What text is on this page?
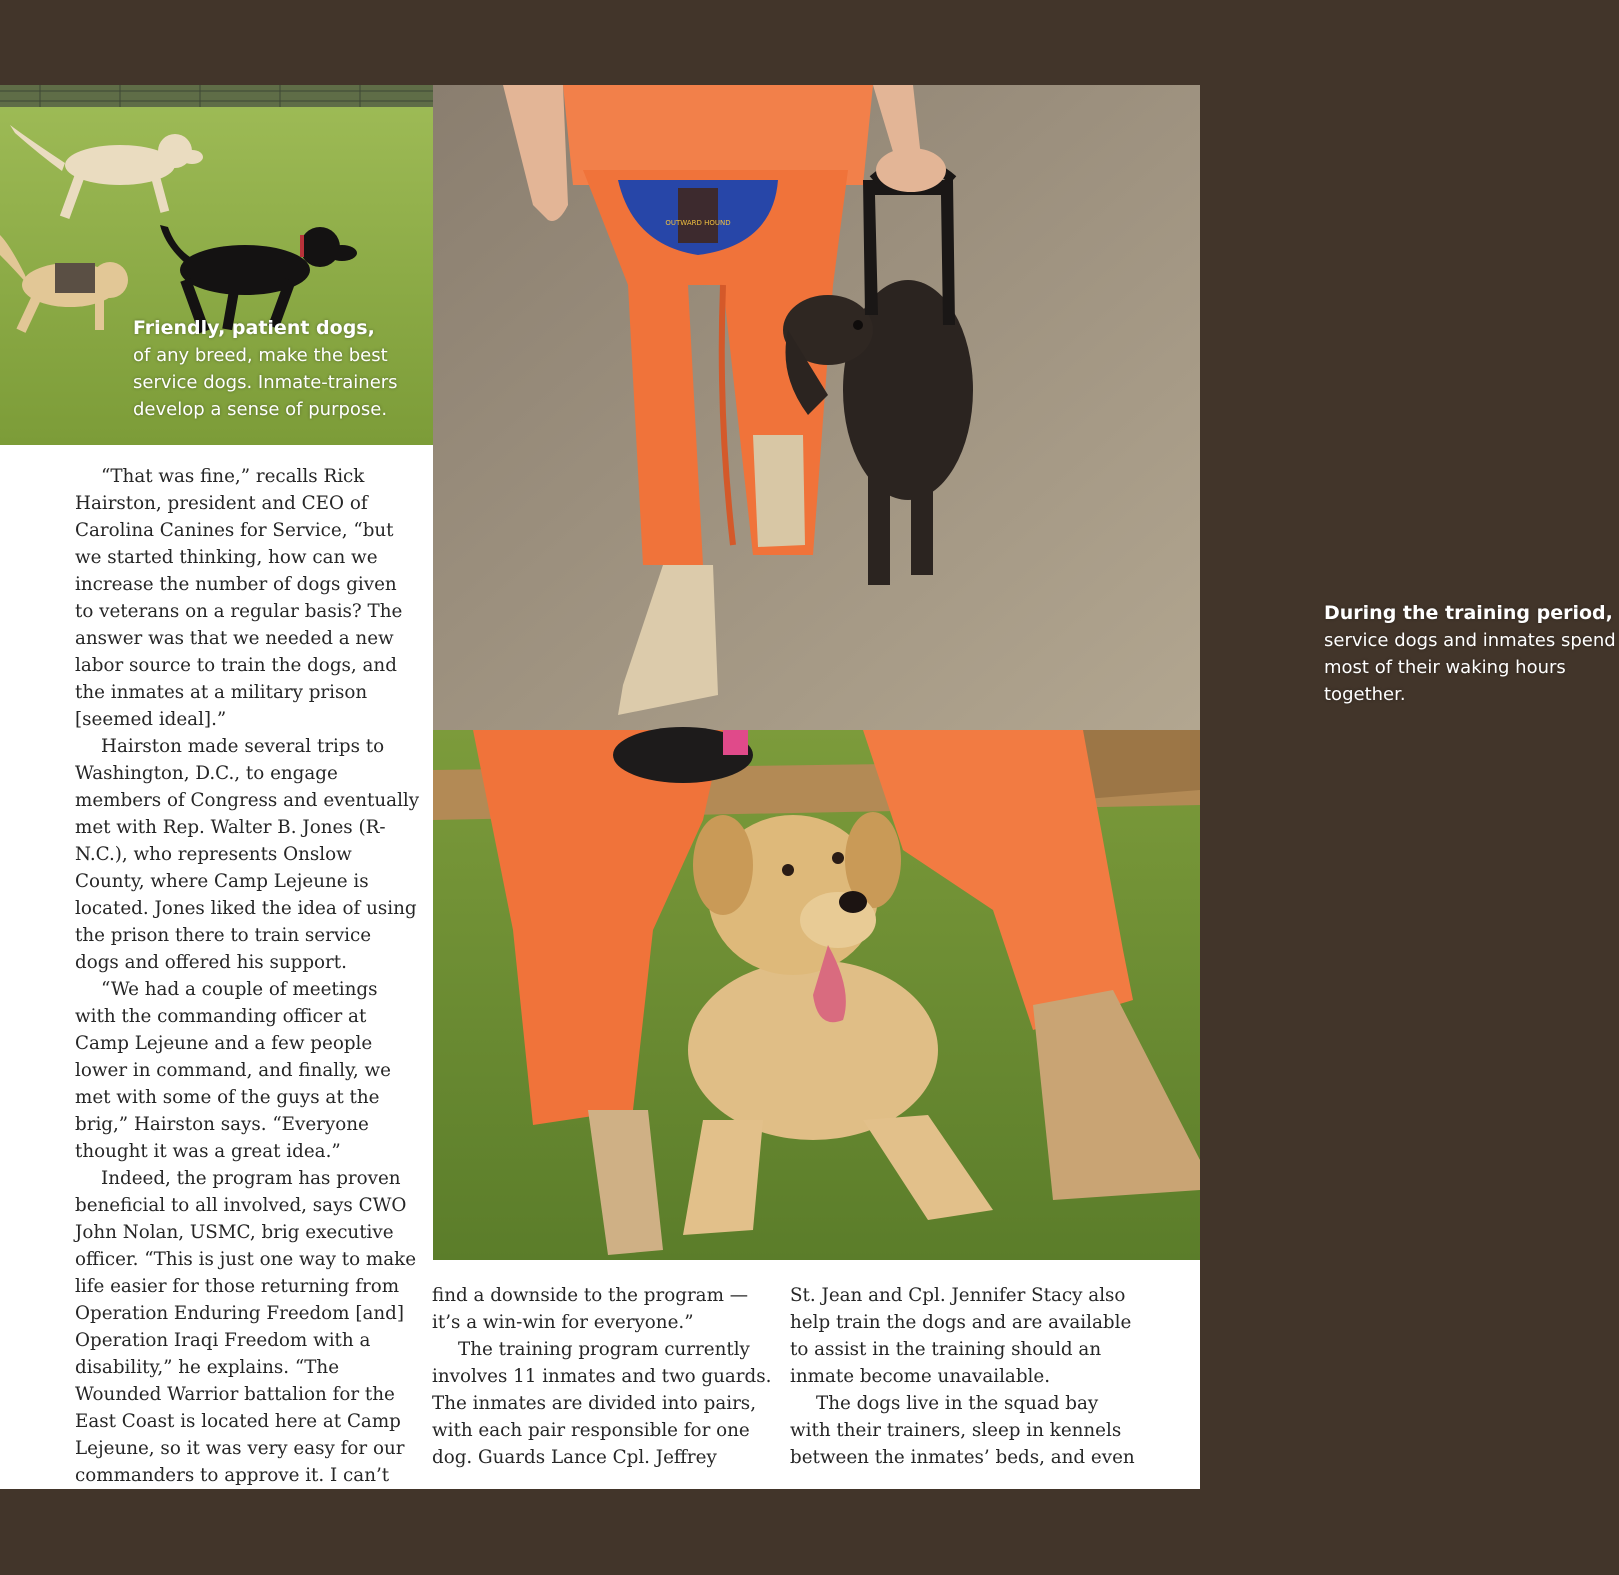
Friendly, patient dogs,
of any breed, make the best service dogs. Inmate-trainers develop a sense of purpose.
OUTWARD HOUND
During the training period,
service dogs and inmates spend most of their waking hours together.

“That was fine,” recalls Rick Hairston, president and CEO of Carolina Canines for Service, “but we started thinking, how can we increase the number of dogs given to veterans on a regular basis? The answer was that we needed a new labor source to train the dogs, and the inmates at a military prison [seemed ideal].”

Hairston made several trips to Washington, D.C., to engage members of Congress and eventually met with Rep. Walter B. Jones (R-N.C.), who represents Onslow County, where Camp Lejeune is located. Jones liked the idea of using the prison there to train service dogs and offered his support.

“We had a couple of meetings with the commanding officer at Camp Lejeune and a few people lower in command, and finally, we met with some of the guys at the brig,” Hairston says. “Everyone thought it was a great idea.”

Indeed, the program has proven beneficial to all involved, says CWO John Nolan, USMC, brig executive officer. “This is just one way to make life easier for those returning from Operation Enduring Freedom [and] Operation Iraqi Freedom with a disability,” he explains. “The Wounded Warrior battalion for the East Coast is located here at Camp Lejeune, so it was very easy for our commanders to approve it. I can’t

find a downside to the program — it’s a win-win for everyone.”

The training program currently involves 11 inmates and two guards. The inmates are divided into pairs, with each pair responsible for one dog. Guards Lance Cpl. Jeffrey

St. Jean and Cpl. Jennifer Stacy also help train the dogs and are available to assist in the training should an inmate become unavailable.

The dogs live in the squad bay with their trainers, sleep in kennels between the inmates’ beds, and even
